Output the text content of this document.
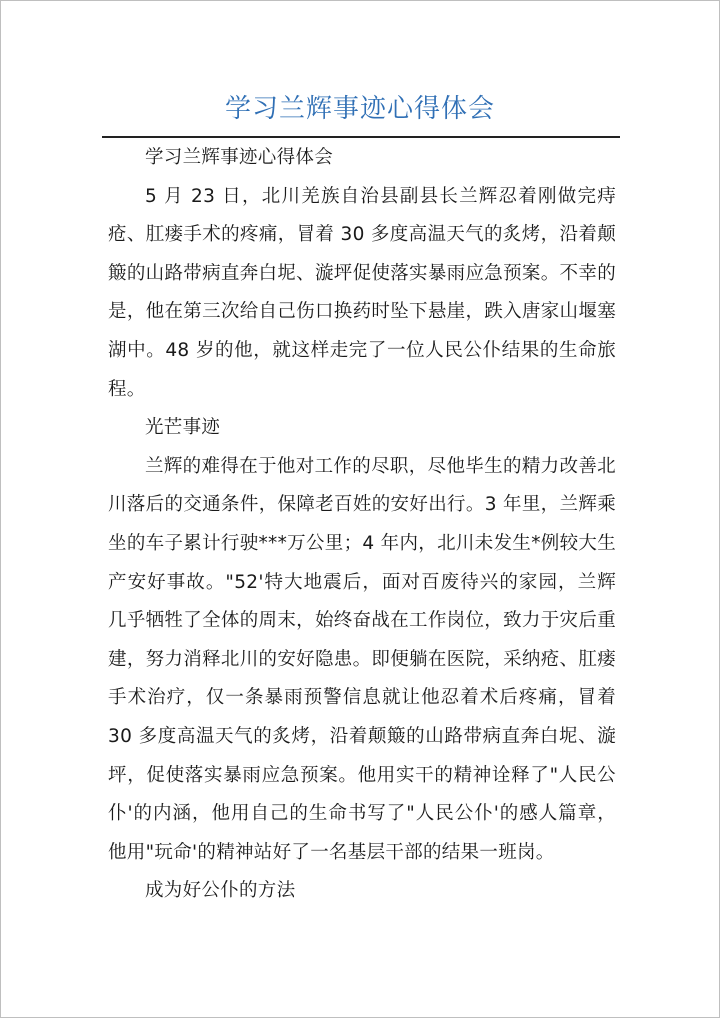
学习兰辉事迹心得体会

学习兰辉事迹心得体会

5 月 23 日，北川羌族自治县副县长兰辉忍着刚做完痔疮、肛瘘手术的疼痛，冒着 30 多度高温天气的炙烤，沿着颠簸的山路带病直奔白坭、漩坪促使落实暴雨应急预案。不幸的是，他在第三次给自己伤口换药时坠下悬崖，跌入唐家山堰塞湖中。48 岁的他，就这样走完了一位人民公仆结果的生命旅程。

光芒事迹

兰辉的难得在于他对工作的尽职，尽他毕生的精力改善北川落后的交通条件，保障老百姓的安好出行。3 年里，兰辉乘坐的车子累计行驶***万公里；4 年内，北川未发生*例较大生产安好事故。"52'特大地震后，面对百废待兴的家园，兰辉几乎牺牲了全体的周末，始终奋战在工作岗位，致力于灾后重建，努力消释北川的安好隐患。即便躺在医院，采纳疮、肛瘘手术治疗，仅一条暴雨预警信息就让他忍着术后疼痛，冒着 30 多度高温天气的炙烤，沿着颠簸的山路带病直奔白坭、漩坪，促使落实暴雨应急预案。他用实干的精神诠释了"人民公仆'的内涵，他用自己的生命书写了"人民公仆'的感人篇章，他用"玩命'的精神站好了一名基层干部的结果一班岗。

成为好公仆的方法
